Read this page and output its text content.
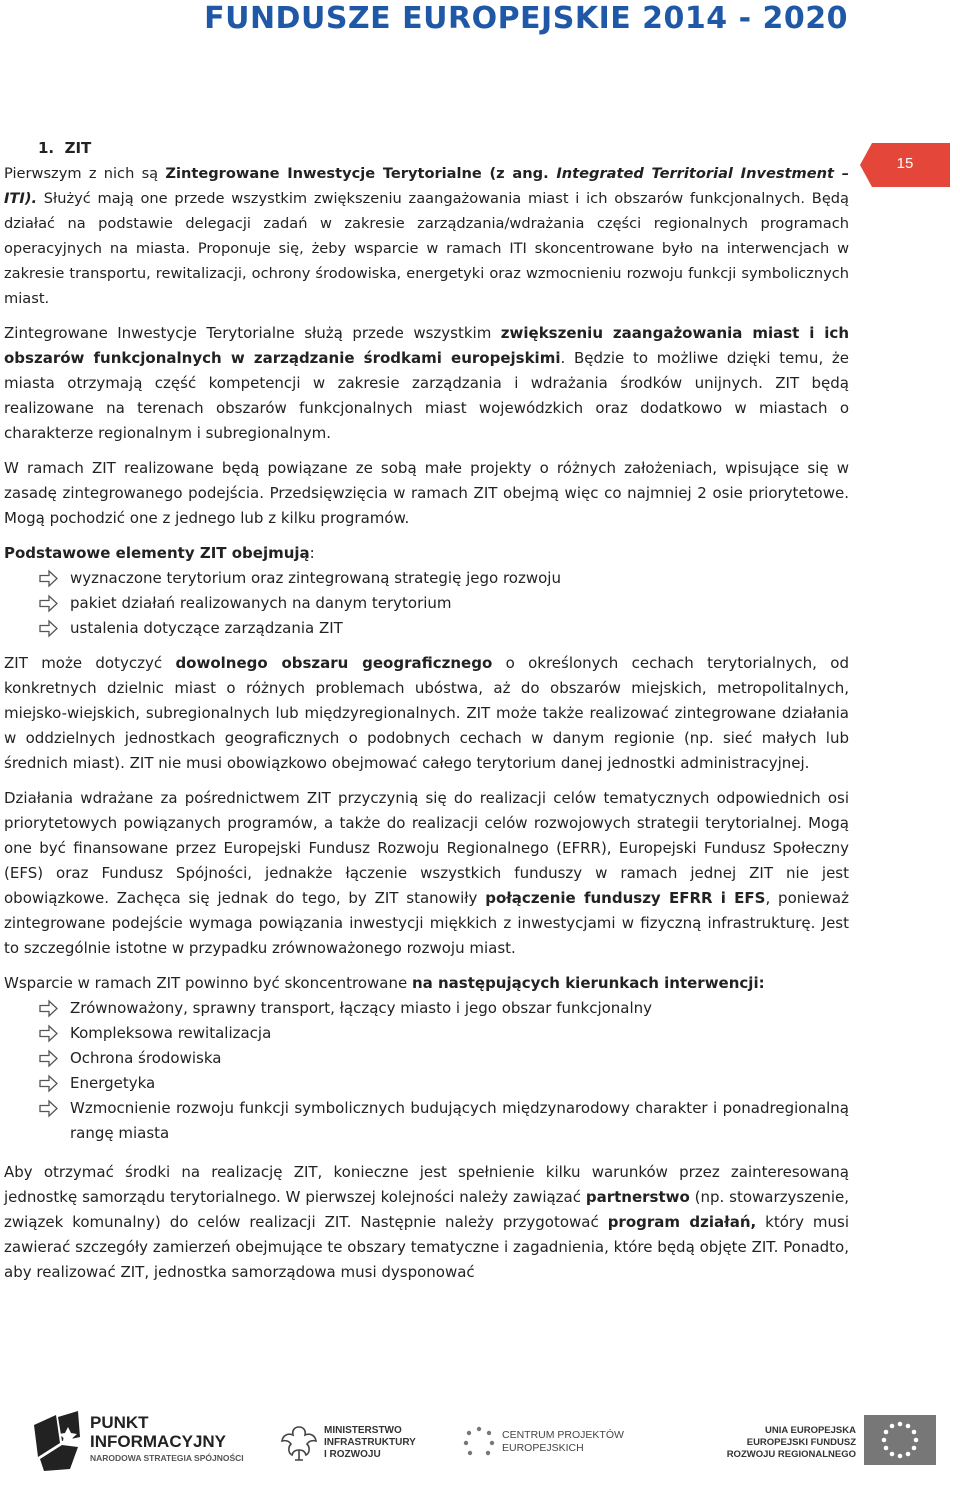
FUNDUSZE EUROPEJSKIE 2014 - 2020
15

1. ZIT

Pierwszym z nich są Zintegrowane Inwestycje Terytorialne (z ang. Integrated Territorial Investment – ITI). Służyć mają one przede wszystkim zwiększeniu zaangażowania miast i ich obszarów funkcjonalnych. Będą działać na podstawie delegacji zadań w zakresie zarządzania/wdrażania części regionalnych programach operacyjnych na miasta. Proponuje się, żeby wsparcie w ramach ITI skoncentrowane było na interwencjach w zakresie transportu, rewitalizacji, ochrony środowiska, energetyki oraz wzmocnieniu rozwoju funkcji symbolicznych miast.

Zintegrowane Inwestycje Terytorialne służą przede wszystkim zwiększeniu zaangażowania miast i ich obszarów funkcjonalnych w zarządzanie środkami europejskimi. Będzie to możliwe dzięki temu, że miasta otrzymają część kompetencji w zakresie zarządzania i wdrażania środków unijnych. ZIT będą realizowane na terenach obszarów funkcjonalnych miast wojewódzkich oraz dodatkowo w miastach o charakterze regionalnym i subregionalnym.

W ramach ZIT realizowane będą powiązane ze sobą małe projekty o różnych założeniach, wpisujące się w zasadę zintegrowanego podejścia. Przedsięwzięcia w ramach ZIT obejmą więc co najmniej 2 osie priorytetowe. Mogą pochodzić one z jednego lub z kilku programów.

Podstawowe elementy ZIT obejmują:

wyznaczone terytorium oraz zintegrowaną strategię jego rozwoju
pakiet działań realizowanych na danym terytorium
ustalenia dotyczące zarządzania ZIT

ZIT może dotyczyć dowolnego obszaru geograficznego o określonych cechach terytorialnych, od konkretnych dzielnic miast o różnych problemach ubóstwa, aż do obszarów miejskich, metropolitalnych, miejsko-wiejskich, subregionalnych lub międzyregionalnych. ZIT może także realizować zintegrowane działania w oddzielnych jednostkach geograficznych o podobnych cechach w danym regionie (np. sieć małych lub średnich miast). ZIT nie musi obowiązkowo obejmować całego terytorium danej jednostki administracyjnej.

Działania wdrażane za pośrednictwem ZIT przyczynią się do realizacji celów tematycznych odpowiednich osi priorytetowych powiązanych programów, a także do realizacji celów rozwojowych strategii terytorialnej. Mogą one być finansowane przez Europejski Fundusz Rozwoju Regionalnego (EFRR), Europejski Fundusz Społeczny (EFS) oraz Fundusz Spójności, jednakże łączenie wszystkich funduszy w ramach jednej ZIT nie jest obowiązkowe. Zachęca się jednak do tego, by ZIT stanowiły połączenie funduszy EFRR i EFS, ponieważ zintegrowane podejście wymaga powiązania inwestycji miękkich z inwestycjami w fizyczną infrastrukturę. Jest to szczególnie istotne w przypadku zrównoważonego rozwoju miast.

Wsparcie w ramach ZIT powinno być skoncentrowane na następujących kierunkach interwencji:

Zrównoważony, sprawny transport, łączący miasto i jego obszar funkcjonalny
Kompleksowa rewitalizacja
Ochrona środowiska
Energetyka
Wzmocnienie rozwoju funkcji symbolicznych budujących międzynarodowy charakter i ponadregionalną rangę miasta

Aby otrzymać środki na realizację ZIT, konieczne jest spełnienie kilku warunków przez zainteresowaną jednostkę samorządu terytorialnego. W pierwszej kolejności należy zawiązać partnerstwo (np. stowarzyszenie, związek komunalny) do celów realizacji ZIT. Następnie należy przygotować program działań, który musi zawierać szczegóły zamierzeń obejmujące te obszary tematyczne i zagadnienia, które będą objęte ZIT. Ponadto, aby realizować ZIT, jednostka samorządowa musi dysponować

PUNKT
INFORMACYJNY
NARODOWA STRATEGIA SPÓJNOŚCI
MINISTERSTWO
INFRASTRUKTURY
I ROZWOJU
CENTRUM PROJEKTÓW
EUROPEJSKICH
UNIA EUROPEJSKA
EUROPEJSKI FUNDUSZ
ROZWOJU REGIONALNEGO
